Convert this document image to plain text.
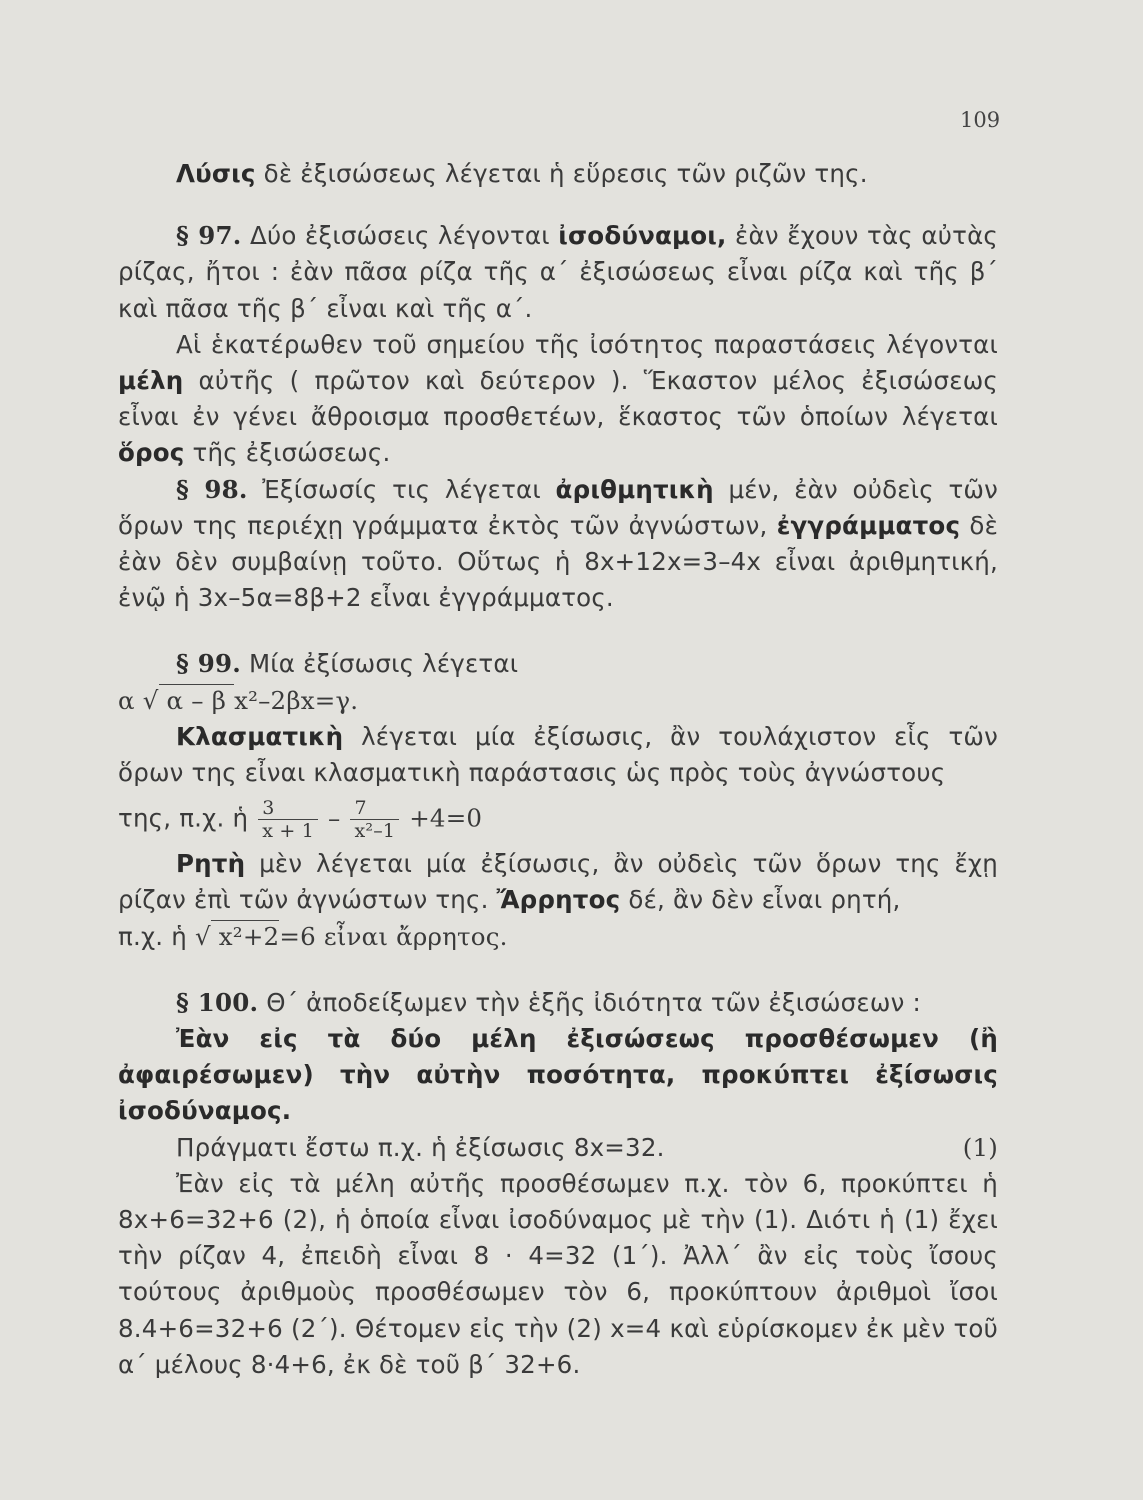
109

Λύσις δὲ ἐξισώσεως λέγεται ἡ εὕρεσις τῶν ριζῶν της.

§ 97. Δύο ἐξισώσεις λέγονται ἰσοδύναμοι, ἐὰν ἔχουν τὰς αὐτὰς ρίζας, ἤτοι : ἐὰν πᾶσα ρίζα τῆς α΄ ἐξισώσεως εἶναι ρίζα καὶ τῆς β΄ καὶ πᾶσα τῆς β΄ εἶναι καὶ τῆς α΄.

Αἱ ἑκατέρωθεν τοῦ σημείου τῆς ἰσότητος παραστάσεις λέγονται μέλη αὐτῆς ( πρῶτον καὶ δεύτερον ). Ἕκαστον μέλος ἐξισώσεως εἶναι ἐν γένει ἄθροισμα προσθετέων, ἕκαστος τῶν ὁποίων λέγεται ὅρος τῆς ἐξισώσεως.

§ 98. Ἐξίσωσίς τις λέγεται ἀριθμητικὴ μέν, ἐὰν οὐδεὶς τῶν ὅρων της περιέχῃ γράμματα ἐκτὸς τῶν ἀγνώστων, ἐγγράμματος δὲ ἐὰν δὲν συμβαίνῃ τοῦτο. Οὕτως ἡ 8x+12x=3–4x εἶναι ἀριθμητική, ἐνῷ ἡ 3x–5α=8β+2 εἶναι ἐγγράμματος.

§ 99. Μία ἐξίσωσις λέγεται

α √ α – β x²–2βx=γ.

Κλασματικὴ λέγεται μία ἐξίσωσις, ἂν τουλάχιστον εἷς τῶν ὅρων της εἶναι κλασματικὴ παράστασις ὡς πρὸς τοὺς ἀγνώστους

της, π.χ. ἡ $\frac{3}{x + 1} - \frac{7}{\text{x²–1}} +4=0$

Ρητὴ μὲν λέγεται μία ἐξίσωσις, ἂν οὐδεὶς τῶν ὅρων της ἔχῃ ρίζαν ἐπὶ τῶν ἀγνώστων της. Ἄρρητος δέ, ἂν δὲν εἶναι ρητή,

π.χ. ἡ √ x²+2=6 εἶναι ἄρρητος.

§ 100. Θ΄ ἀποδείξωμεν τὴν ἑξῆς ἰδιότητα τῶν ἐξισώσεων :

Ἐὰν εἰς τὰ δύο μέλη ἐξισώσεως προσθέσωμεν (ἢ ἀφαιρέσωμεν) τὴν αὐτὴν ποσότητα, προκύπτει ἐξίσωσις ἰσοδύναμος.

Πράγματι ἔστω π.χ. ἡ ἐξίσωσις 8x=32.	(1)

Ἐὰν εἰς τὰ μέλη αὐτῆς προσθέσωμεν π.χ. τὸν 6, προκύπτει ἡ 8x+6=32+6 (2), ἡ ὁποία εἶναι ἰσοδύναμος μὲ τὴν (1). Διότι ἡ (1) ἔχει τὴν ρίζαν 4, ἐπειδὴ εἶναι 8 · 4=32 (1΄). Ἀλλ΄ ἂν εἰς τοὺς ἴσους τούτους ἀριθμοὺς προσθέσωμεν τὸν 6, προκύπτουν ἀριθμοὶ ἴσοι 8.4+6=32+6 (2΄). Θέτομεν εἰς τὴν (2) x=4 καὶ εὑρίσκομεν ἐκ μὲν τοῦ α΄ μέλους 8·4+6, ἐκ δὲ τοῦ β΄ 32+6.
